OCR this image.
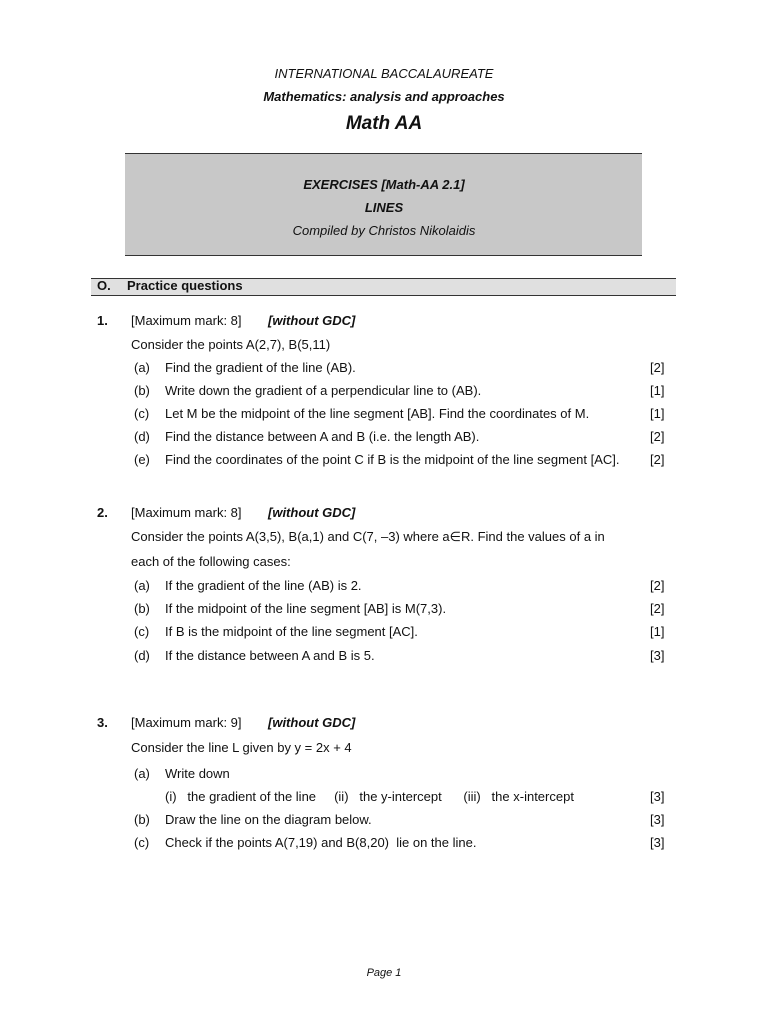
INTERNATIONAL BACCALAUREATE
Mathematics: analysis and approaches
Math AA
EXERCISES [Math-AA 2.1]
LINES
Compiled by Christos Nikolaidis
O. Practice questions
1. [Maximum mark: 8] [without GDC]
Consider the points A(2,7), B(5,11)
(a) Find the gradient of the line (AB).	[2]
(b) Write down the gradient of a perpendicular line to (AB).	[1]
(c) Let M be the midpoint of the line segment [AB]. Find the coordinates of M.	[1]
(d) Find the distance between A and B (i.e. the length AB).	[2]
(e) Find the coordinates of the point C if B is the midpoint of the line segment [AC]. [2]
2. [Maximum mark: 8] [without GDC]
Consider the points A(3,5), B(a,1) and C(7, –3) where a∈R. Find the values of a in
each of the following cases:
(a) If the gradient of the line (AB) is 2.	[2]
(b) If the midpoint of the line segment [AB] is M(7,3).	[2]
(c) If B is the midpoint of the line segment [AC].	[1]
(d) If the distance between A and B is 5.	[3]
3. [Maximum mark: 9] [without GDC]
Consider the line L given by y = 2x + 4
(a) Write down
(i)   the gradient of the line     (ii)   the y-intercept      (iii)   the x-intercept	[3]
(b) Draw the line on the diagram below.	[3]
(c) Check if the points A(7,19) and B(8,20)  lie on the line.	[3]
Page 1
